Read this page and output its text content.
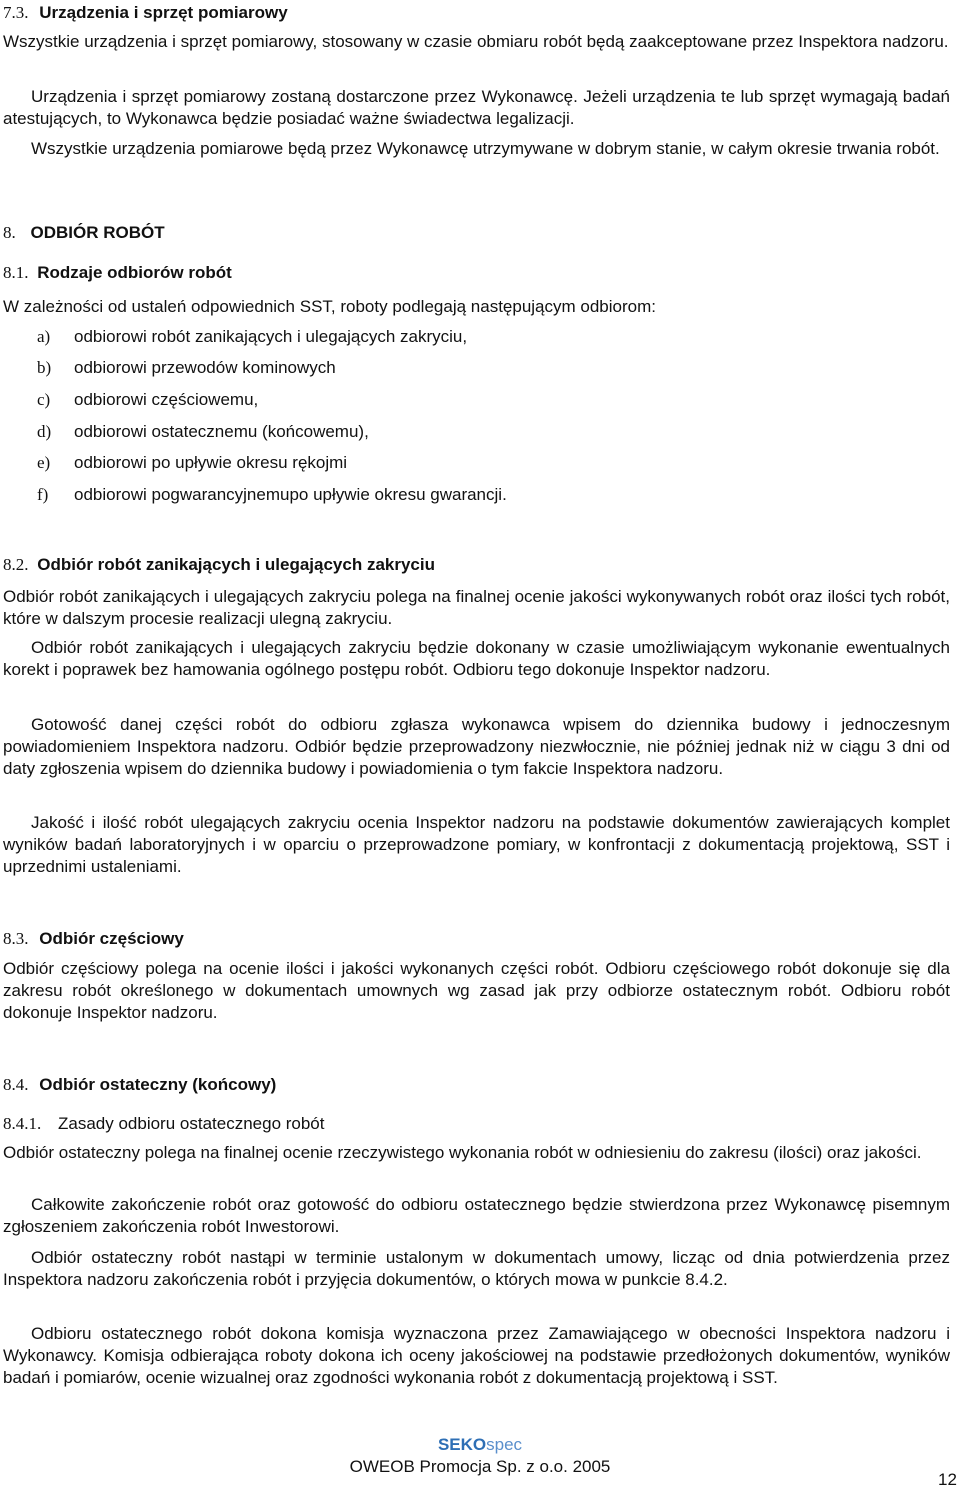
7.3. Urządzenia i sprzęt pomiarowy
Wszystkie urządzenia i sprzęt pomiarowy, stosowany w czasie obmiaru robót będą zaakceptowane przez Inspektora nadzoru.
Urządzenia i sprzęt pomiarowy zostaną dostarczone przez Wykonawcę. Jeżeli urządzenia te lub sprzęt wymagają badań atestujących, to Wykonawca będzie posiadać ważne świadectwa legalizacji.
Wszystkie urządzenia pomiarowe będą przez Wykonawcę utrzymywane w dobrym stanie, w całym okresie trwania robót.
8. ODBIÓR ROBÓT
8.1. Rodzaje odbiorów robót
W zależności od ustaleń odpowiednich SST, roboty podlegają następującym odbiorom:
a) odbiorowi robót zanikających i ulegających zakryciu,
b) odbiorowi przewodów kominowych
c) odbiorowi częściowemu,
d) odbiorowi ostatecznemu (końcowemu),
e) odbiorowi po upływie okresu rękojmi
f) odbiorowi pogwarancyjnemupo upływie okresu gwarancji.
8.2. Odbiór robót zanikających i ulegających zakryciu
Odbiór robót zanikających i ulegających zakryciu polega na finalnej ocenie jakości wykonywanych robót oraz ilości tych robót, które w dalszym procesie realizacji ulegną zakryciu.
Odbiór robót zanikających i ulegających zakryciu będzie dokonany w czasie umożliwiającym wykonanie ewentualnych korekt i poprawek bez hamowania ogólnego postępu robót. Odbioru tego dokonuje Inspektor nadzoru.
Gotowość danej części robót do odbioru zgłasza wykonawca wpisem do dziennika budowy i jednoczesnym powiadomieniem Inspektora nadzoru. Odbiór będzie przeprowadzony niezwłocznie, nie później jednak niż w ciągu 3 dni od daty zgłoszenia wpisem do dziennika budowy i powiadomienia o tym fakcie Inspektora nadzoru.
Jakość i ilość robót ulegających zakryciu ocenia Inspektor nadzoru na podstawie dokumentów zawierających komplet wyników badań laboratoryjnych i w oparciu o przeprowadzone pomiary, w konfrontacji z dokumentacją projektową, SST i uprzednimi ustaleniami.
8.3. Odbiór częściowy
Odbiór częściowy polega na ocenie ilości i jakości wykonanych części robót. Odbioru częściowego robót dokonuje się dla zakresu robót określonego w dokumentach umownych wg zasad jak przy odbiorze ostatecznym robót. Odbioru robót dokonuje Inspektor nadzoru.
8.4. Odbiór ostateczny (końcowy)
8.4.1. Zasady odbioru ostatecznego robót
Odbiór ostateczny polega na finalnej ocenie rzeczywistego wykonania robót w odniesieniu do zakresu (ilości) oraz jakości.
Całkowite zakończenie robót oraz gotowość do odbioru ostatecznego będzie stwierdzona przez Wykonawcę pisemnym zgłoszeniem zakończenia robót Inwestorowi.
Odbiór ostateczny robót nastąpi w terminie ustalonym w dokumentach umowy, licząc od dnia potwierdzenia przez Inspektora nadzoru zakończenia robót i przyjęcia dokumentów, o których mowa w punkcie 8.4.2.
Odbioru ostatecznego robót dokona komisja wyznaczona przez Zamawiającego w obecności Inspektora nadzoru i Wykonawcy. Komisja odbierająca roboty dokona ich oceny jakościowej na podstawie przedłożonych dokumentów, wyników badań i pomiarów, ocenie wizualnej oraz zgodności wykonania robót z dokumentacją projektową i SST.
SEKOspec
OWEOB Promocja Sp. z o.o. 2005
12
